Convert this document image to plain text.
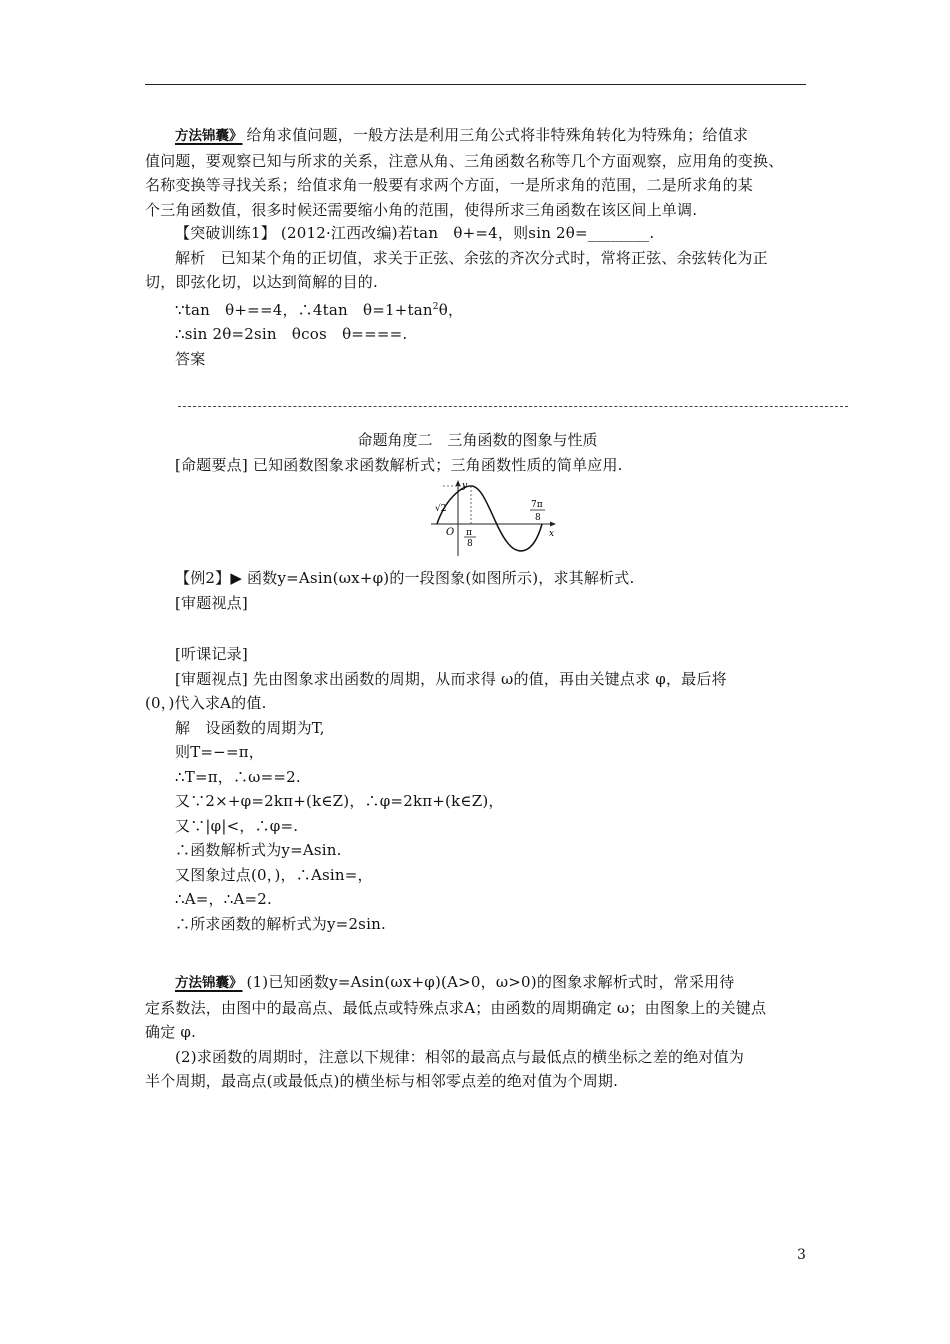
方法锦囊》 给角求值问题，一般方法是利用三角公式将非特殊角转化为特殊角；给值求
值问题，要观察已知与所求的关系，注意从角、三角函数名称等几个方面观察，应用角的变换、
名称变换等寻找关系；给值求角一般要有求两个方面，一是所求角的范围，二是所求角的某
个三角函数值，很多时候还需要缩小角的范围，使得所求三角函数在该区间上单调.
【突破训练1】 (2012·江西改编)若tan　θ+=4，则sin 2θ=________.
解析　已知某个角的正切值，求关于正弦、余弦的齐次分式时，常将正弦、余弦转化为正
切，即弦化切，以达到简解的目的.
∵tan　θ+==4，∴4tan　$\theta=1+\tan^2\theta$，
∴sin 2θ=2sin　θcos　θ====.
答案
命题角度二　三角函数的图象与性质
[命题要点] 已知函数图象求函数解析式；三角函数性质的简单应用.
y
x
O
√2
π
8
7π
8
【例2】▶ 函数y=Asin(ωx+φ)的一段图象(如图所示)，求其解析式.
[审题视点]
[听课记录]
[审题视点] 先由图象求出函数的周期，从而求得 ω的值，再由关键点求 φ，最后将
(0，)代入求A的值.
解　设函数的周期为T,
则T=−=π，
∴T=π，∴ω==2.
又∵2×+φ=2kπ+(k∈Z)，∴φ=2kπ+(k∈Z)，
又∵|φ|<，∴φ=.
∴函数解析式为y=Asin.
又图象过点(0，)，∴Asin=，
∴A=，∴A=2.
∴所求函数的解析式为y=2sin.
方法锦囊》 (1)已知函数y=Asin(ωx+φ)(A>0，ω>0)的图象求解析式时，常采用待
定系数法，由图中的最高点、最低点或特殊点求A；由函数的周期确定 ω；由图象上的关键点
确定 φ.
(2)求函数的周期时，注意以下规律：相邻的最高点与最低点的横坐标之差的绝对值为
半个周期，最高点(或最低点)的横坐标与相邻零点差的绝对值为个周期.
3
